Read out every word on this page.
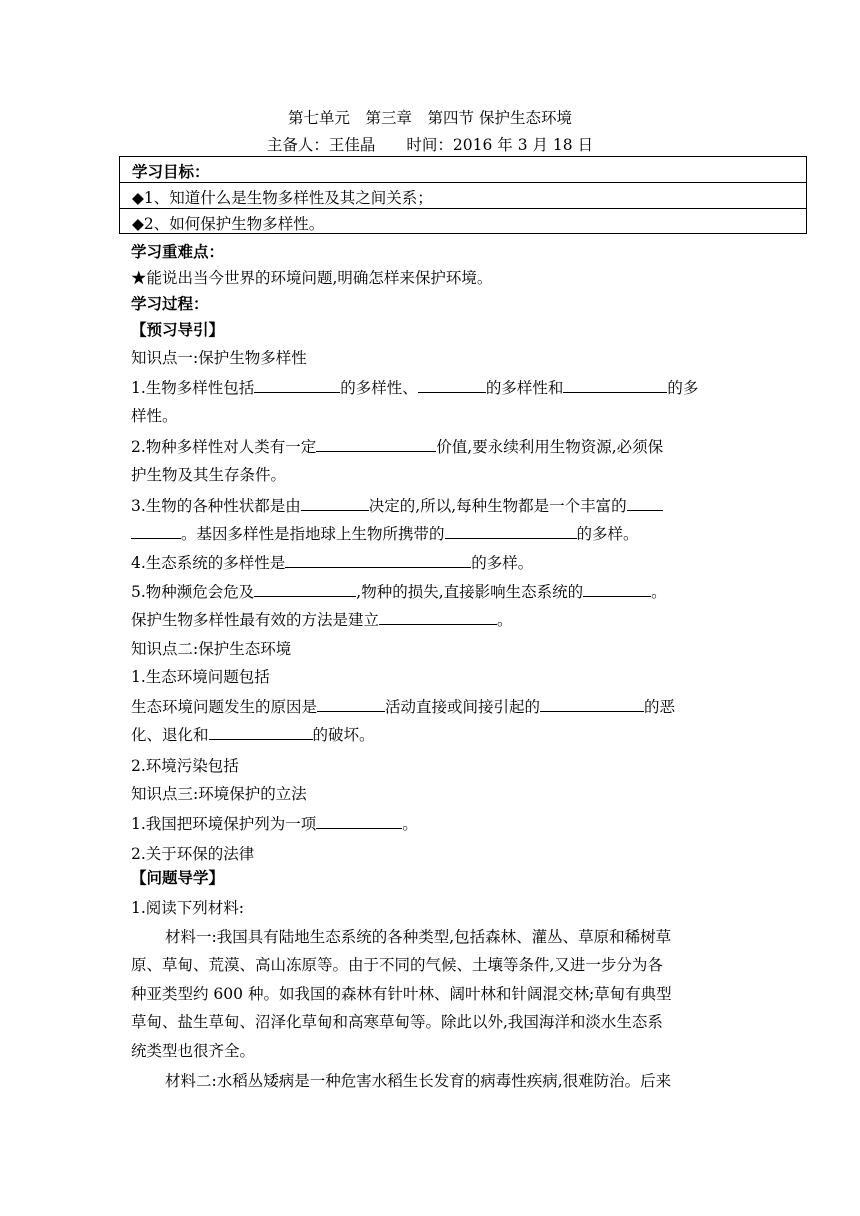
第七单元　第三章　第四节 保护生态环境
主备人：王佳晶　　时间：2016 年 3 月 18 日
学习目标：
◆1、知道什么是生物多样性及其之间关系；
◆2、如何保护生物多样性。
学习重难点：
★能说出当今世界的环境问题,明确怎样来保护环境。
学习过程：
【预习导引】
知识点一:保护生物多样性
1.生物多样性包括	的多样性、	的多样性和	的多
样性。
2.物种多样性对人类有一定	价值,要永续利用生物资源,必须保
护生物及其生存条件。
3.生物的各种性状都是由	决定的,所以,每种生物都是一个丰富的
。基因多样性是指地球上生物所携带的	的多样。
4.生态系统的多样性是	的多样。
5.物种濒危会危及	,物种的损失,直接影响生态系统的	。
保护生物多样性最有效的方法是建立	。
知识点二:保护生态环境
1.生态环境问题包括
生态环境问题发生的原因是	活动直接或间接引起的	的恶
化、退化和	的破坏。
2.环境污染包括
知识点三:环境保护的立法
1.我国把环境保护列为一项	。
2.关于环保的法律
【问题导学】
1.阅读下列材料:
材料一:我国具有陆地生态系统的各种类型,包括森林、灌丛、草原和稀树草
原、草甸、荒漠、高山冻原等。由于不同的气候、土壤等条件,又进一步分为各
种亚类型约 600 种。如我国的森林有针叶林、阔叶林和针阔混交林;草甸有典型
草甸、盐生草甸、沼泽化草甸和高寒草甸等。除此以外,我国海洋和淡水生态系
统类型也很齐全。
材料二:水稻丛矮病是一种危害水稻生长发育的病毒性疾病,很难防治。后来
